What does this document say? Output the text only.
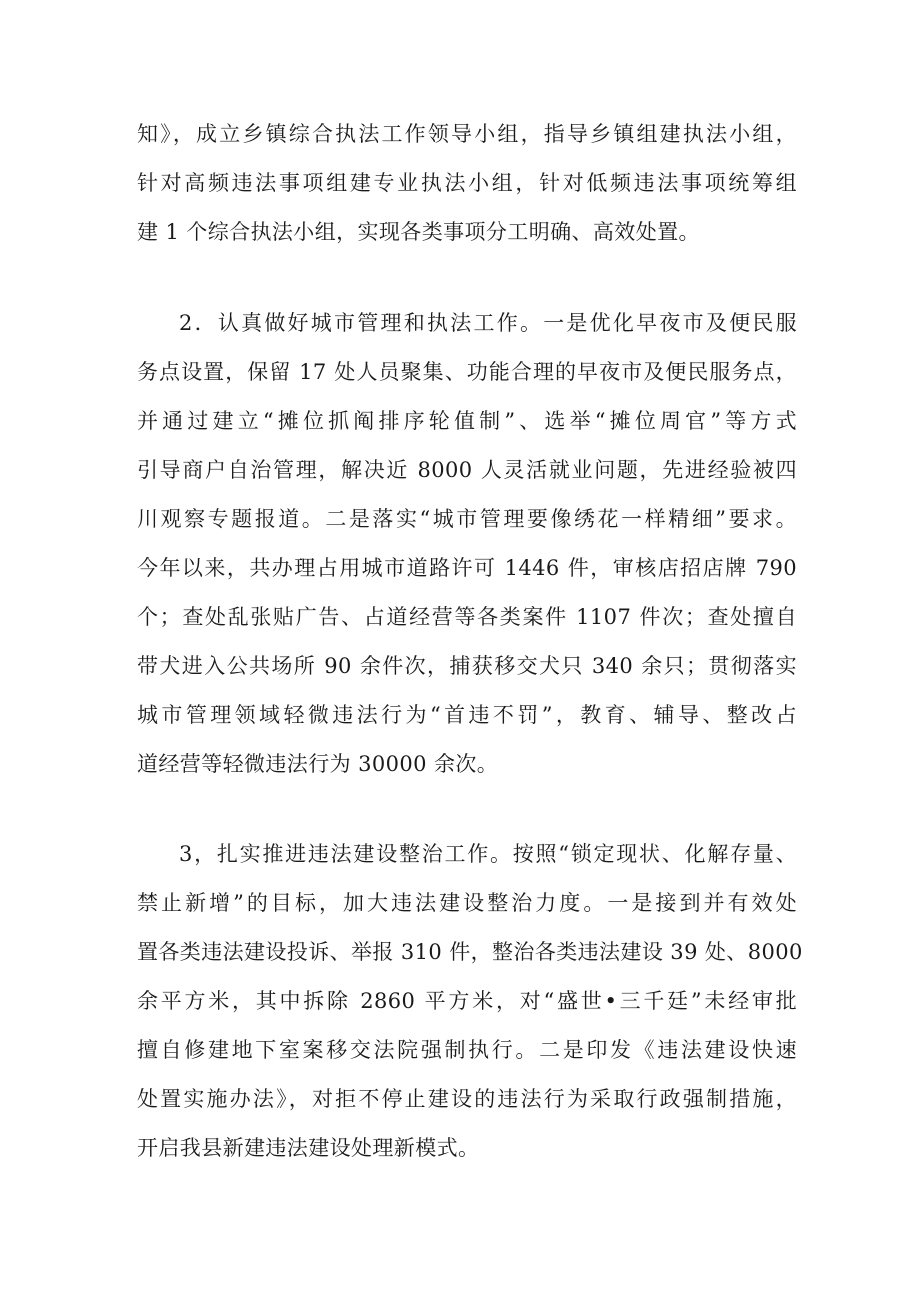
知》，成立乡镇综合执法工作领导小组，指导乡镇组建执法小组，
针对高频违法事项组建专业执法小组，针对低频违法事项统筹组
建 1 个综合执法小组，实现各类事项分工明确、高效处置。
2．认真做好城市管理和执法工作。一是优化早夜市及便民服
务点设置，保留 17 处人员聚集、功能合理的早夜市及便民服务点，
并通过建立“摊位抓阄排序轮值制”、选举“摊位周官”等方式
引导商户自治管理，解决近 8000 人灵活就业问题，先进经验被四
川观察专题报道。二是落实“城市管理要像绣花一样精细”要求。
今年以来，共办理占用城市道路许可 1446 件，审核店招店牌 790
个；查处乱张贴广告、占道经营等各类案件 1107 件次；查处擅自
带犬进入公共场所 90 余件次，捕获移交犬只 340 余只；贯彻落实
城市管理领域轻微违法行为“首违不罚”，教育、辅导、整改占
道经营等轻微违法行为 30000 余次。
3，扎实推进违法建设整治工作。按照“锁定现状、化解存量、
禁止新增”的目标，加大违法建设整治力度。一是接到并有效处
置各类违法建设投诉、举报 310 件，整治各类违法建设 39 处、8000
余平方米，其中拆除 2860 平方米，对“盛世•三千廷”未经审批
擅自修建地下室案移交法院强制执行。二是印发《违法建设快速
处置实施办法》，对拒不停止建设的违法行为采取行政强制措施，
开启我县新建违法建设处理新模式。
